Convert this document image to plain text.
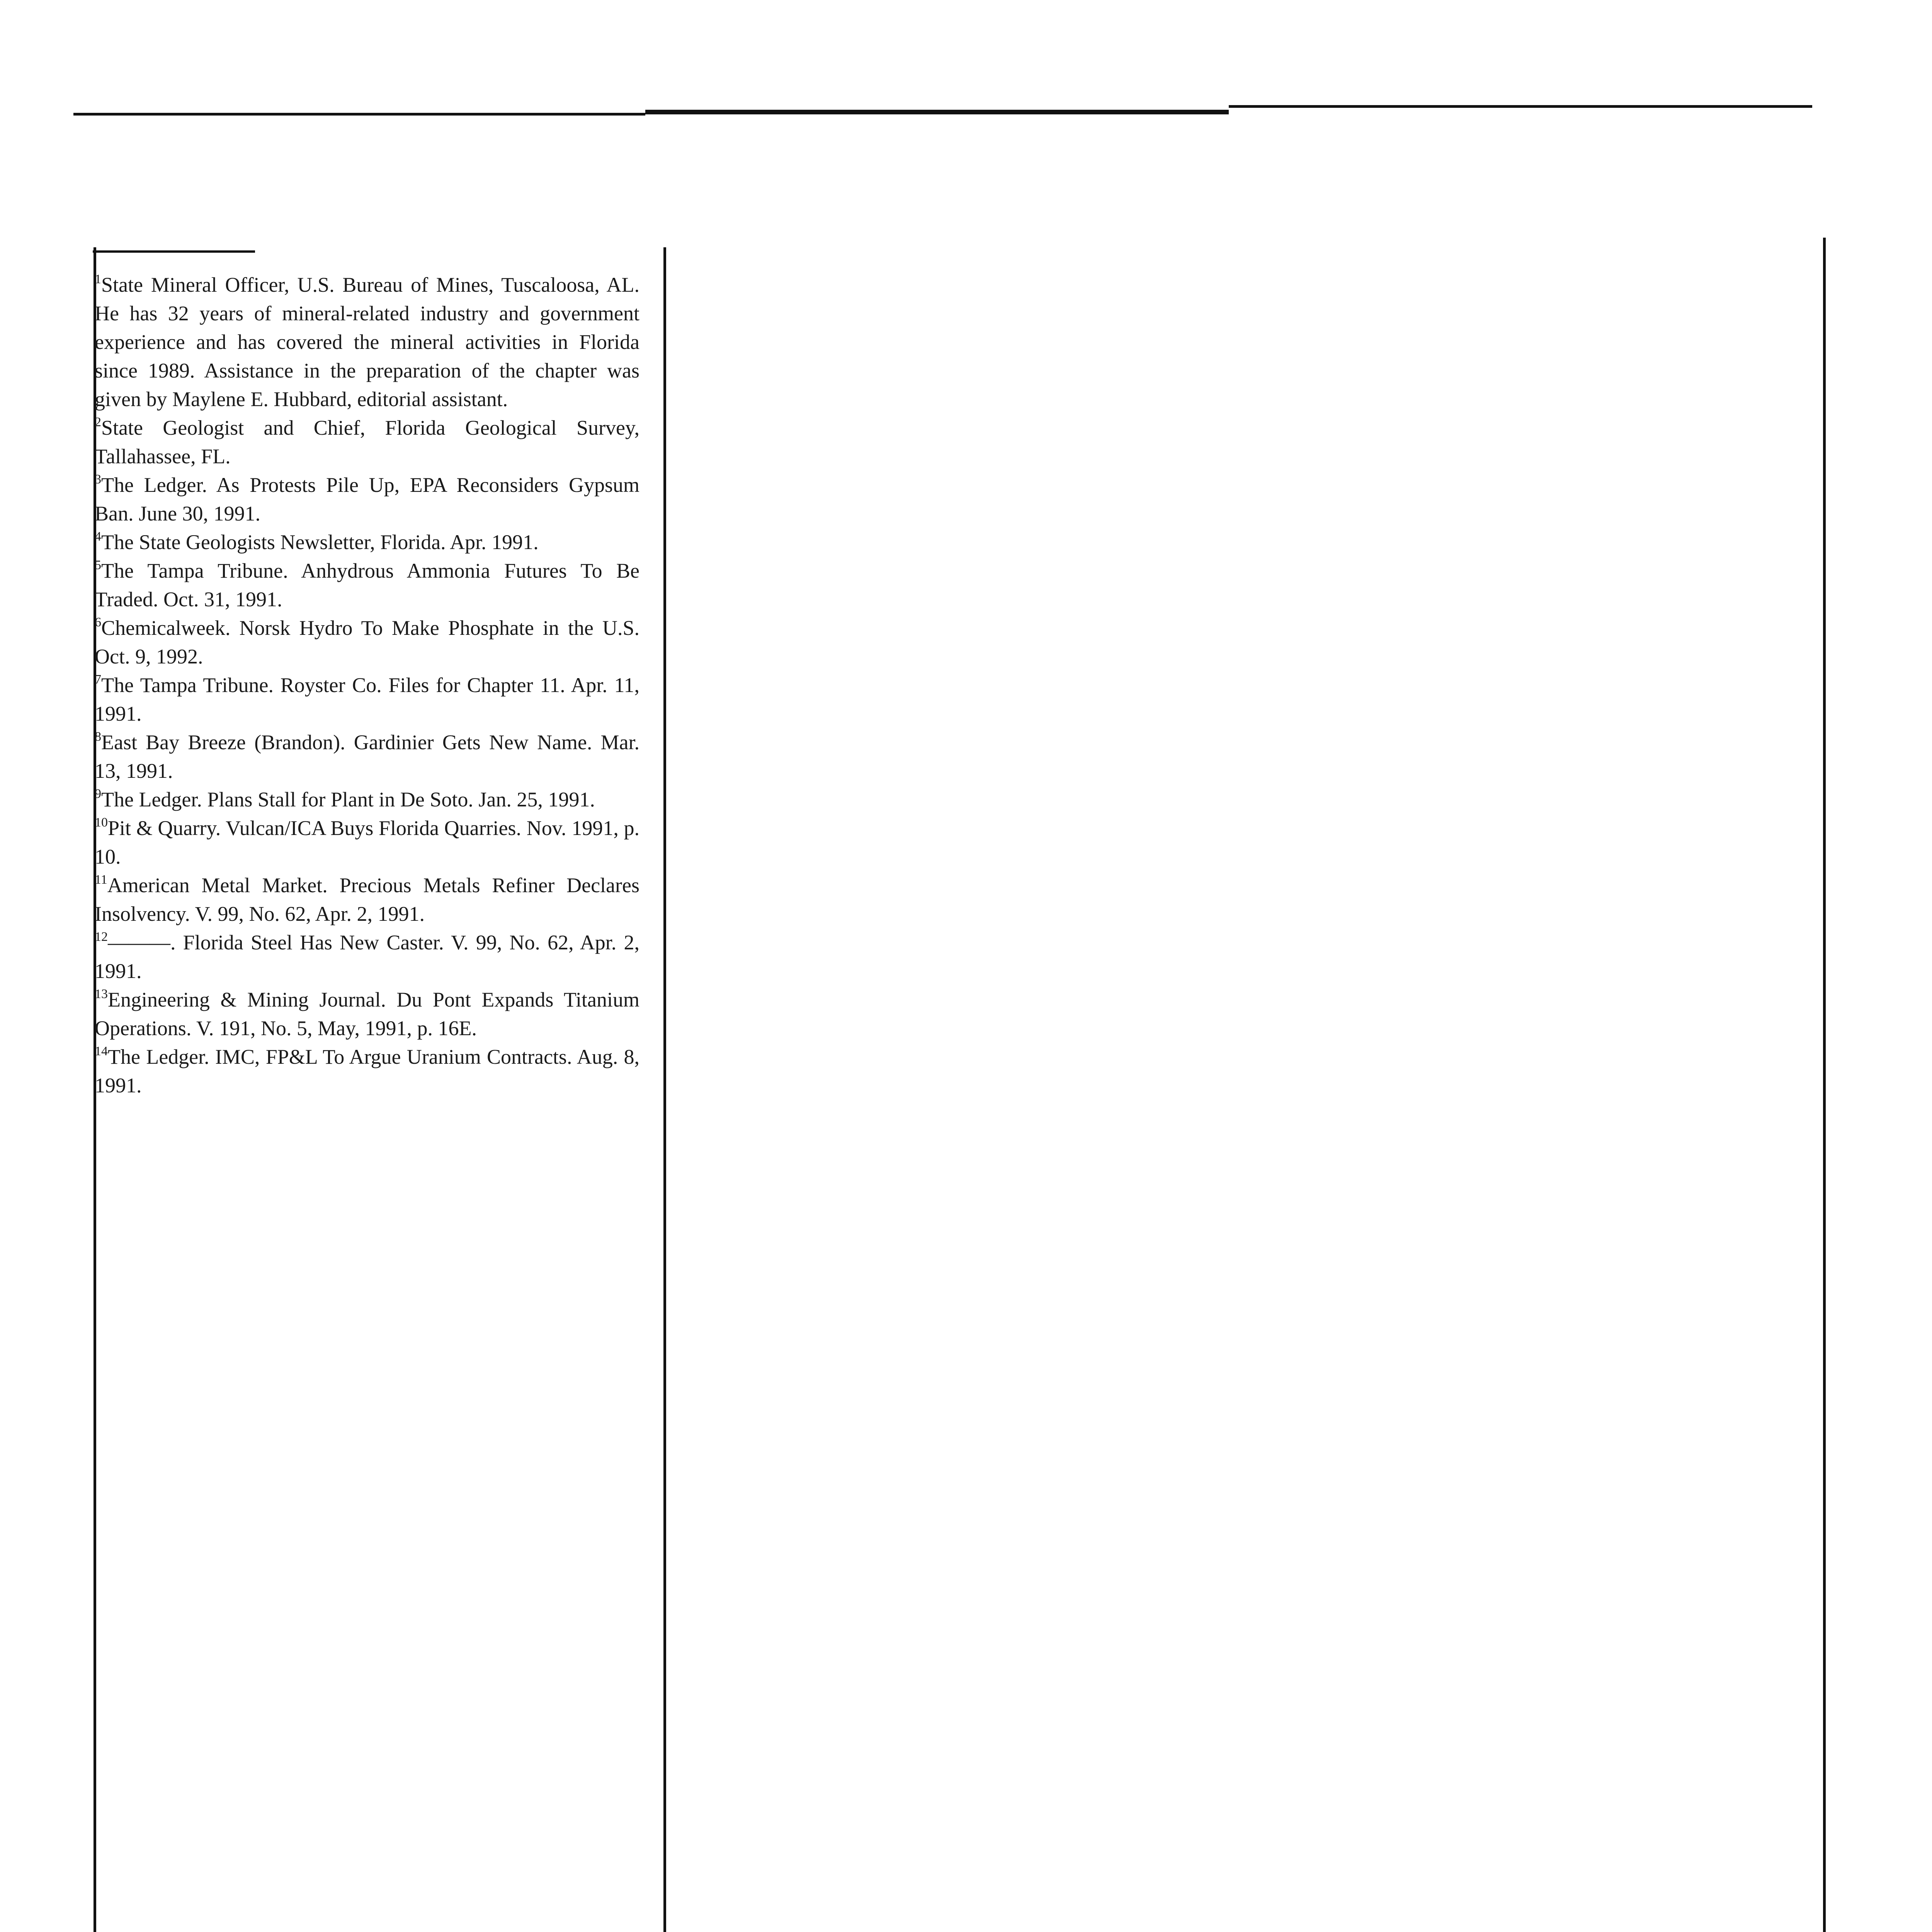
$^1$State Mineral Officer, U.S. Bureau of Mines, Tuscaloosa, AL. He has 32 years of mineral-related industry and government experience and has covered the mineral activities in Florida since 1989. Assistance in the preparation of the chapter was given by Maylene E. Hubbard, editorial assistant.

$^2$State Geologist and Chief, Florida Geological Survey, Tallahassee, FL.

$^3$The Ledger. As Protests Pile Up, EPA Reconsiders Gypsum Ban. June 30, 1991.

$^4$The State Geologists Newsletter, Florida. Apr. 1991.

$^5$The Tampa Tribune. Anhydrous Ammonia Futures To Be Traded. Oct. 31, 1991.

$^6$Chemicalweek. Norsk Hydro To Make Phosphate in the U.S. Oct. 9, 1992.

$^7$The Tampa Tribune. Royster Co. Files for Chapter 11. Apr. 11, 1991.

$^8$East Bay Breeze (Brandon). Gardinier Gets New Name. Mar. 13, 1991.

$^9$The Ledger. Plans Stall for Plant in De Soto. Jan. 25, 1991.

$^{10}$Pit & Quarry. Vulcan/ICA Buys Florida Quarries. Nov. 1991, p. 10.

$^{11}$American Metal Market. Precious Metals Refiner Declares Insolvency. V. 99, No. 62, Apr. 2, 1991.

$^{12}$———. Florida Steel Has New Caster. V. 99, No. 62, Apr. 2, 1991.

$^{13}$Engineering & Mining Journal. Du Pont Expands Titanium Operations. V. 191, No. 5, May, 1991, p. 16E.

$^{14}$The Ledger. IMC, FP&L To Argue Uranium Contracts. Aug. 8, 1991.
